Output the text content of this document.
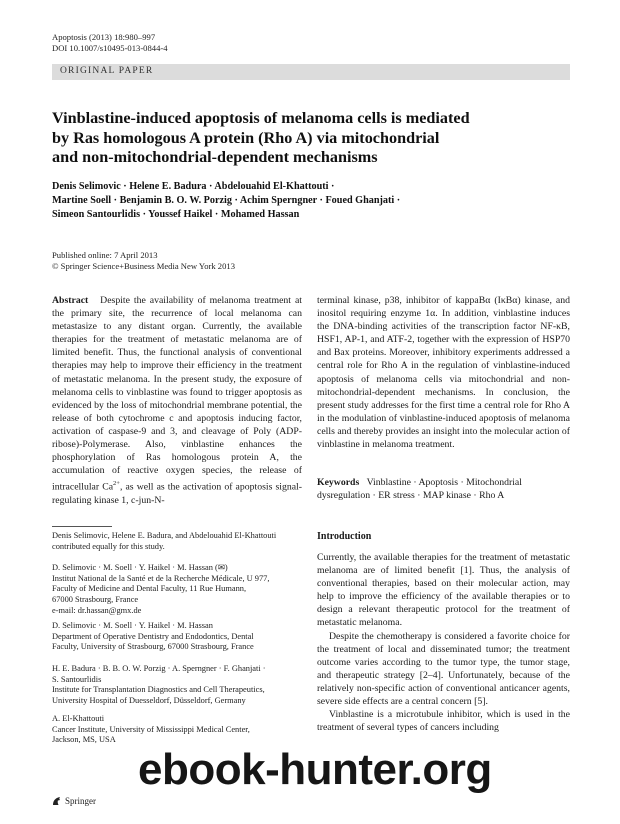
Apoptosis (2013) 18:980–997
DOI 10.1007/s10495-013-0844-4
ORIGINAL PAPER
Vinblastine-induced apoptosis of melanoma cells is mediated
by Ras homologous A protein (Rho A) via mitochondrial
and non-mitochondrial-dependent mechanisms
Denis Selimovic · Helene E. Badura · Abdelouahid El-Khattouti ·
Martine Soell · Benjamin B. O. W. Porzig · Achim Sperngner · Foued Ghanjati ·
Simeon Santourlidis · Youssef Haikel · Mohamed Hassan
Published online: 7 April 2013
© Springer Science+Business Media New York 2013
Abstract Despite the availability of melanoma treatment at the primary site, the recurrence of local melanoma can metastasize to any distant organ. Currently, the available therapies for the treatment of metastatic melanoma are of limited benefit. Thus, the functional analysis of conventional therapies may help to improve their efficiency in the treatment of metastatic melanoma. In the present study, the exposure of melanoma cells to vinblastine was found to trigger apoptosis as evidenced by the loss of mitochondrial membrane potential, the release of both cytochrome c and apoptosis inducing factor, activation of caspase-9 and 3, and cleavage of Poly (ADP-ribose)-Polymerase. Also, vinblastine enhances the phosphorylation of Ras homologous protein A, the accumulation of reactive oxygen species, the release of intracellular $Ca^{2+}$, as well as the activation of apoptosis signal-regulating kinase 1, c-jun-N-
terminal kinase, p38, inhibitor of kappaBα (IκBα) kinase, and inositol requiring enzyme 1α. In addition, vinblastine induces the DNA-binding activities of the transcription factor NF-κB, HSF1, AP-1, and ATF-2, together with the expression of HSP70 and Bax proteins. Moreover, inhibitory experiments addressed a central role for Rho A in the regulation of vinblastine-induced apoptosis of melanoma cells via mitochondrial and non-mitochondrial-dependent mechanisms. In conclusion, the present study addresses for the first time a central role for Rho A in the modulation of vinblastine-induced apoptosis of melanoma cells and thereby provides an insight into the molecular action of vinblastine in melanoma treatment.
Keywords Vinblastine · Apoptosis · Mitochondrial dysregulation · ER stress · MAP kinase · Rho A
Denis Selimovic, Helene E. Badura, and Abdelouahid El-Khattouti contributed equally for this study.
D. Selimovic · M. Soell · Y. Haikel · M. Hassan (✉)
Institut National de la Santé et de la Recherche Médicale, U 977,
Faculty of Medicine and Dental Faculty, 11 Rue Humann,
67000 Strasbourg, France
e-mail: dr.hassan@gmx.de
D. Selimovic · M. Soell · Y. Haikel · M. Hassan
Department of Operative Dentistry and Endodontics, Dental
Faculty, University of Strasbourg, 67000 Strasbourg, France
H. E. Badura · B. B. O. W. Porzig · A. Sperngner · F. Ghanjati ·
S. Santourlidis
Institute for Transplantation Diagnostics and Cell Therapeutics,
University Hospital of Duesseldorf, Düsseldorf, Germany
A. El-Khattouti
Cancer Institute, University of Mississippi Medical Center,
Jackson, MS, USA
Introduction

Currently, the available therapies for the treatment of metastatic melanoma are of limited benefit [1]. Thus, the analysis of conventional therapies, based on their molecular action, may help to improve the efficiency of the available therapies or to design a relevant therapeutic protocol for the treatment of metastatic melanoma.

Despite the chemotherapy is considered a favorite choice for the treatment of local and disseminated tumor; the treatment outcome varies according to the tumor type, the tumor stage, and therapeutic strategy [2–4]. Unfortunately, because of the relatively non-specific action of conventional anticancer agents, severe side effects are a central concern [5].

Vinblastine is a microtubule inhibitor, which is used in the treatment of several types of cancers including

Springer
ebook-hunter.org
